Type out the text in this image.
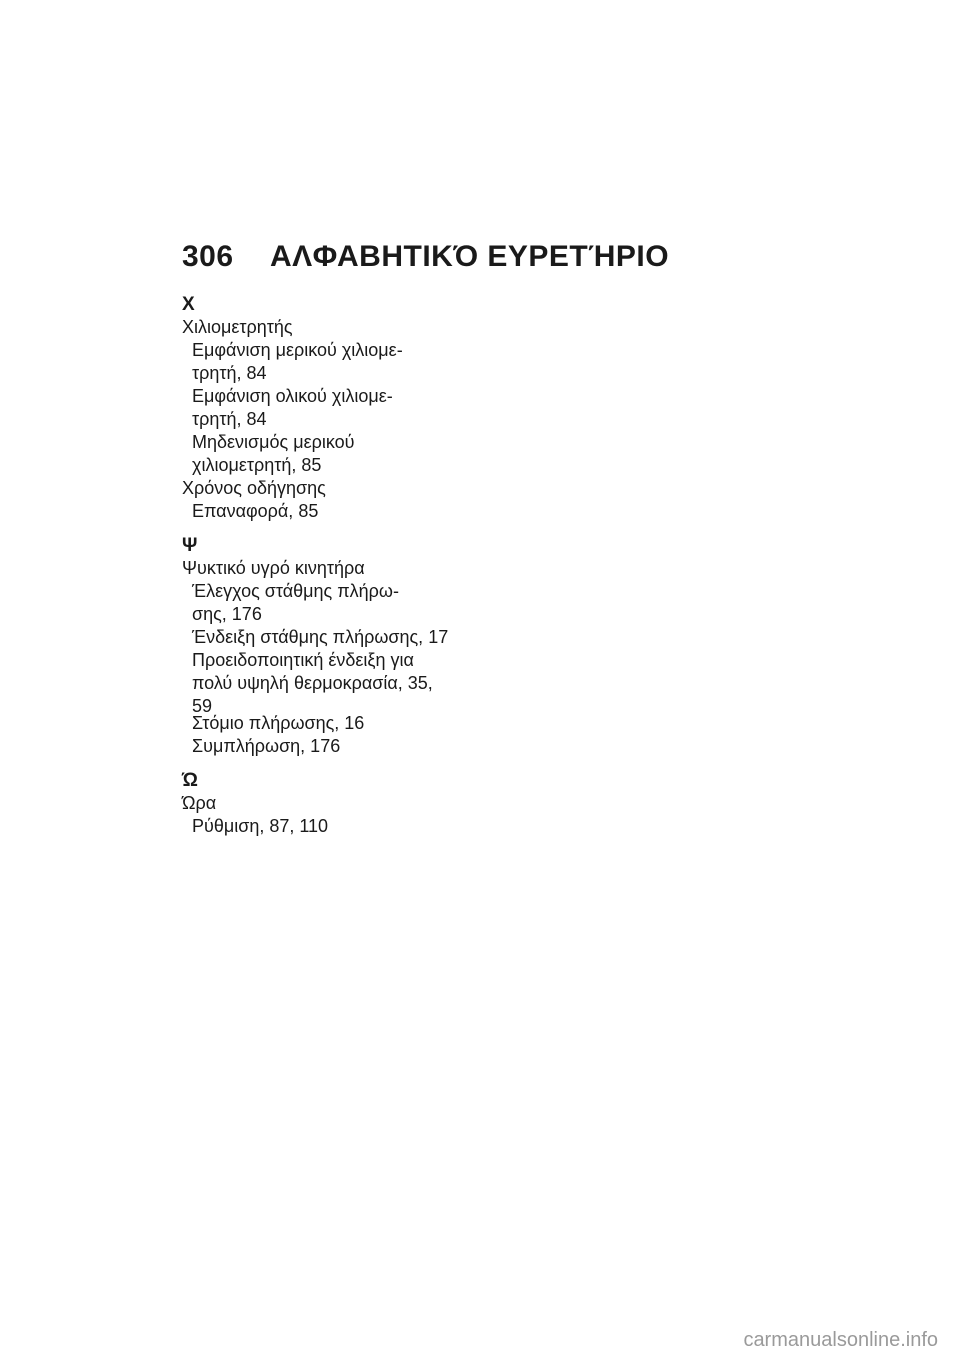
306	ΑΛΦΑΒΗΤΙΚΌ ΕΥΡΕΤΉΡΙΟ
Χ
Χιλιομετρητής
Εμφάνιση μερικού χιλιομε-
τρητή, 84
Εμφάνιση ολικού χιλιομε-
τρητή, 84
Μηδενισμός μερικού
χιλιομετρητή, 85
Χρόνος οδήγησης
Επαναφορά, 85
Ψ
Ψυκτικό υγρό κινητήρα
Έλεγχος στάθμης πλήρω-
σης, 176
Ένδειξη στάθμης πλήρωσης, 17
Προειδοποιητική ένδειξη για
πολύ υψηλή θερμοκρασία, 35,
59
Στόμιο πλήρωσης, 16
Συμπλήρωση, 176
Ώ
Ώρα
Ρύθμιση, 87, 110
carmanualsonline.info
